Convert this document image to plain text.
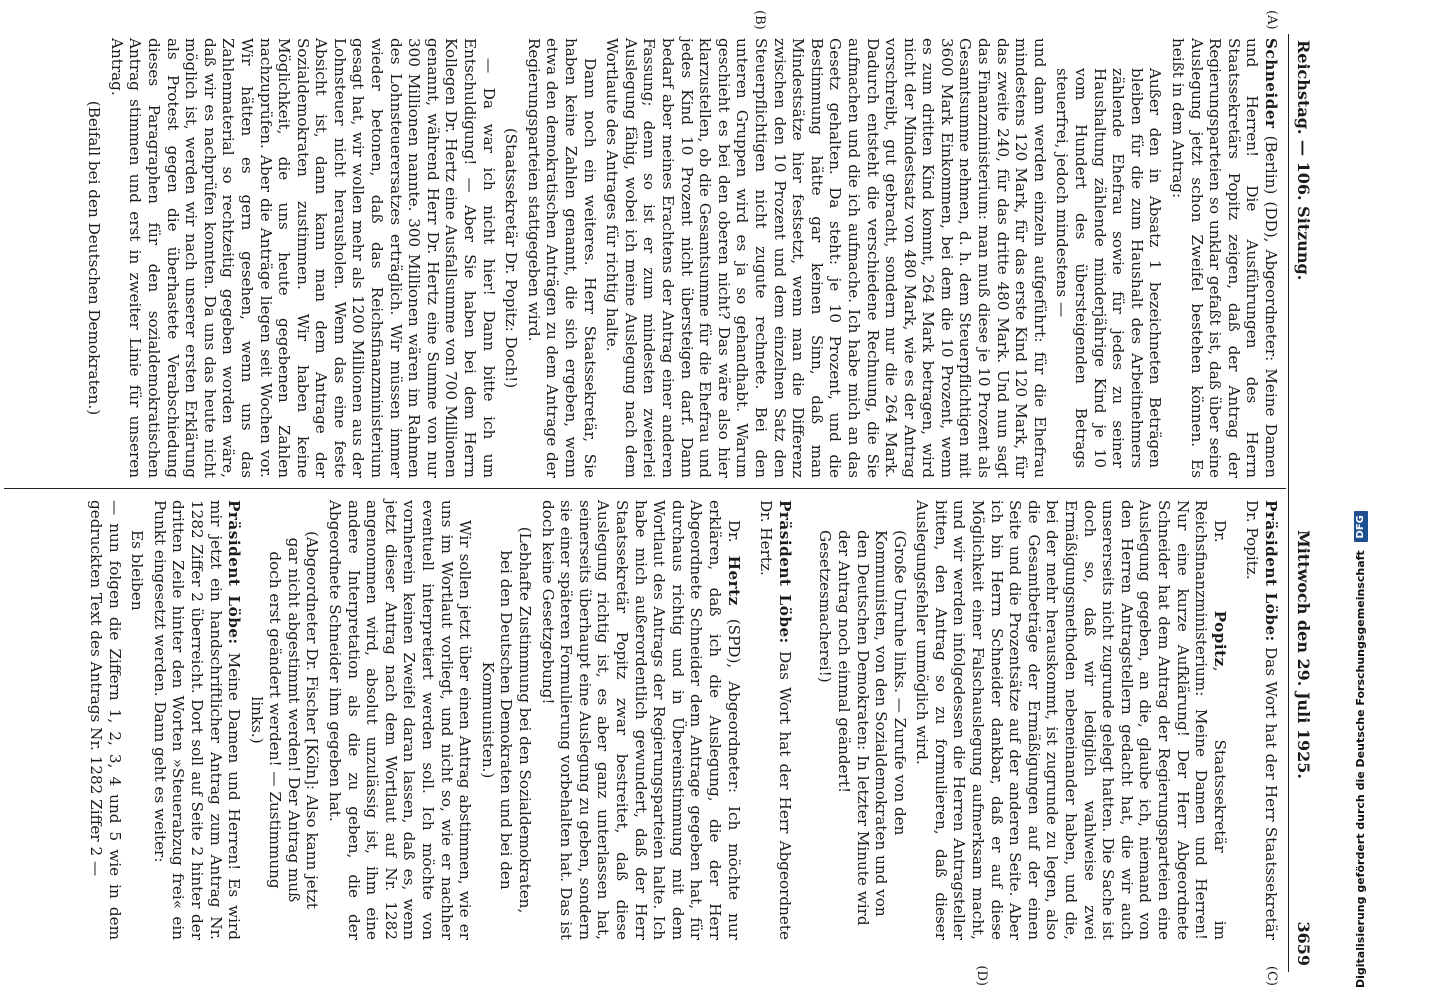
Reichstag. — 106. Sitzung.
Mittwoch den 29. Juli 1925.
3659
(A)
(B)
(C)
(D)

Schneider (Berlin) (DD), Abgeordneter: Meine Damen und Herren! Die Ausführungen des Herrn Staatssekretärs Popitz zeigen, daß der Antrag der Regierungsparteien so unklar gefaßt ist, daß über seine Auslegung jetzt schon Zweifel bestehen können. Es heißt in dem Antrag:

Außer den in Absatz 1 bezeichneten Beträgen bleiben für die zum Haushalt des Arbeitnehmers zählende Ehefrau sowie für jedes zu seiner Haushaltung zählende minderjährige Kind je 10 vom Hundert des übersteigenden Betrags steuerfrei, jedoch mindestens —

und dann werden einzeln aufgeführt: für die Ehefrau mindestens 120 Mark, für das erste Kind 120 Mark, für das zweite 240, für das dritte 480 Mark. Und nun sagt das Finanzministerium: man muß diese je 10 Prozent als Gesamtsumme nehmen, d. h. dem Steuerpflichtigen mit 3600 Mark Einkommen, bei dem die 10 Prozent, wenn es zum dritten Kind kommt, 264 Mark betragen, wird nicht der Mindestsatz von 480 Mark, wie es der Antrag vorschreibt, gut gebracht, sondern nur die 264 Mark. Dadurch entsteht die verschiedene Rechnung, die Sie aufmachen und die ich aufmache. Ich habe mich an das Gesetz gehalten. Da steht: je 10 Prozent, und die Bestimmung hätte gar keinen Sinn, daß man Mindestsätze hier festsetzt, wenn man die Differenz zwischen den 10 Prozent und dem einzelnen Satz den Steuerpflichtigen nicht zugute rechnete. Bei den unteren Gruppen wird es ja so gehandhabt. Warum geschieht es bei den oberen nicht? Das wäre also hier klarzustellen, ob die Gesamtsumme für die Ehefrau und jedes Kind 10 Prozent nicht übersteigen darf. Dann bedarf aber meines Erachtens der Antrag einer anderen Fassung; denn so ist er zum mindesten zweierlei Auslegung fähig, wobei ich meine Auslegung nach dem Wortlaute des Antrages für richtig halte.

Dann noch ein weiteres. Herr Staatssekretär, Sie haben keine Zahlen genannt, die sich ergeben, wenn etwa den demokratischen Anträgen zu dem Antrage der Regierungsparteien stattgegeben wird.

(Staatssekretär Dr. Popitz: Doch!)

— Da war ich nicht hier! Dann bitte ich um Entschuldigung! — Aber Sie haben bei dem Herrn Kollegen Dr. Hertz eine Ausfallsumme von 700 Millionen genannt, während Herr Dr. Hertz eine Summe von nur 300 Millionen nannte. 300 Millionen wären im Rahmen des Lohnsteuerersatzes erträglich. Wir müssen immer wieder betonen, daß das Reichsfinanzministerium gesagt hat, wir wollen mehr als 1200 Millionen aus der Lohnsteuer nicht herausholen. Wenn das eine feste Absicht ist, dann kann man dem Antrage der Sozialdemokraten zustimmen. Wir haben keine Möglichkeit, die uns heute gegebenen Zahlen nachzuprüfen. Aber die Anträge liegen seit Wochen vor. Wir hätten es gern gesehen, wenn uns das Zahlenmaterial so rechtzeitig gegeben worden wäre, daß wir es nachprüfen konnten. Da uns das heute nicht möglich ist, werden wir nach unserer ersten Erklärung als Protest gegen die überhastete Verabschiedung dieses Paragraphen für den sozialdemokratischen Antrag stimmen und erst in zweiter Linie für unseren Antrag.

(Beifall bei den Deutschen Demokraten.)

Präsident Löbe: Das Wort hat der Herr Staatssekretär Dr. Popitz.

Dr. Popitz, Staatssekretär im Reichsfinanzministerium: Meine Damen und Herren! Nur eine kurze Aufklärung! Der Herr Abgeordnete Schneider hat dem Antrag der Regierungsparteien eine Auslegung gegeben, an die, glaube ich, niemand von den Herren Antragstellern gedacht hat, die wir auch unsererseits nicht zugrunde gelegt hatten. Die Sache ist doch so, daß wir lediglich wahlweise zwei Ermäßigungsmethoden nebeneinander haben, und die, bei der mehr herauskommt, ist zugrunde zu legen, also die Gesamtbeträge der Ermäßigungen auf der einen Seite und die Prozentsätze auf der anderen Seite. Aber ich bin Herrn Schneider dankbar, daß er auf diese Möglichkeit einer Falschauslegung aufmerksam macht, und wir werden infolgedessen die Herren Antragsteller bitten, den Antrag so zu formulieren, daß dieser Auslegungsfehler unmöglich wird.

(Große Unruhe links. — Zurufe von den Kommunisten, von den Sozialdemokraten und von den Deutschen Demokraten: In letzter Minute wird der Antrag noch einmal geändert! Gesetzesmacherei!)

Präsident Löbe: Das Wort hat der Herr Abgeordnete Dr. Hertz.

Dr. Hertz (SPD), Abgeordneter: Ich möchte nur erklären, daß ich die Auslegung, die der Herr Abgeordnete Schneider dem Antrage gegeben hat, für durchaus richtig und in Übereinstimmung mit dem Wortlaut des Antrags der Regierungsparteien halte. Ich habe mich außerordentlich gewundert, daß der Herr Staatssekretär Popitz zwar bestreitet, daß diese Auslegung richtig ist, es aber ganz unterlassen hat, seinerseits überhaupt eine Auslegung zu geben, sondern sie einer späteren Formulierung vorbehalten hat. Das ist doch keine Gesetzgebung!

(Lebhafte Zustimmung bei den Sozialdemokraten, bei den Deutschen Demokraten und bei den Kommunisten.)

Wir sollen jetzt über einen Antrag abstimmen, wie er uns im Wortlaut vorliegt, und nicht so, wie er nachher eventuell interpretiert werden soll. Ich möchte von vornherein keinen Zweifel daran lassen, daß es, wenn jetzt dieser Antrag nach dem Wortlaut auf Nr. 1282 angenommen wird, absolut unzulässig ist, ihm eine andere Interpretation als die zu geben, die der Abgeordnete Schneider ihm gegeben hat.

(Abgeordneter Dr. Fischer [Köln]: Also kann jetzt gar nicht abgestimmt werden! Der Antrag muß doch erst geändert werden! — Zustimmung links.)

Präsident Löbe: Meine Damen und Herren! Es wird mir jetzt ein handschriftlicher Antrag zum Antrag Nr. 1282 Ziffer 2 überreicht. Dort soll auf Seite 2 hinter der dritten Zeile hinter den Worten »Steuerabzug frei« ein Punkt eingesetzt werden. Dann geht es weiter:

Es bleiben

— nun folgen die Ziffern 1, 2, 3, 4 und 5 wie in dem gedruckten Text des Antrags Nr. 1282 Ziffer 2 —	Digitalisierung gefördert durch die Deutsche Forschungsgemeinschaft DFG
